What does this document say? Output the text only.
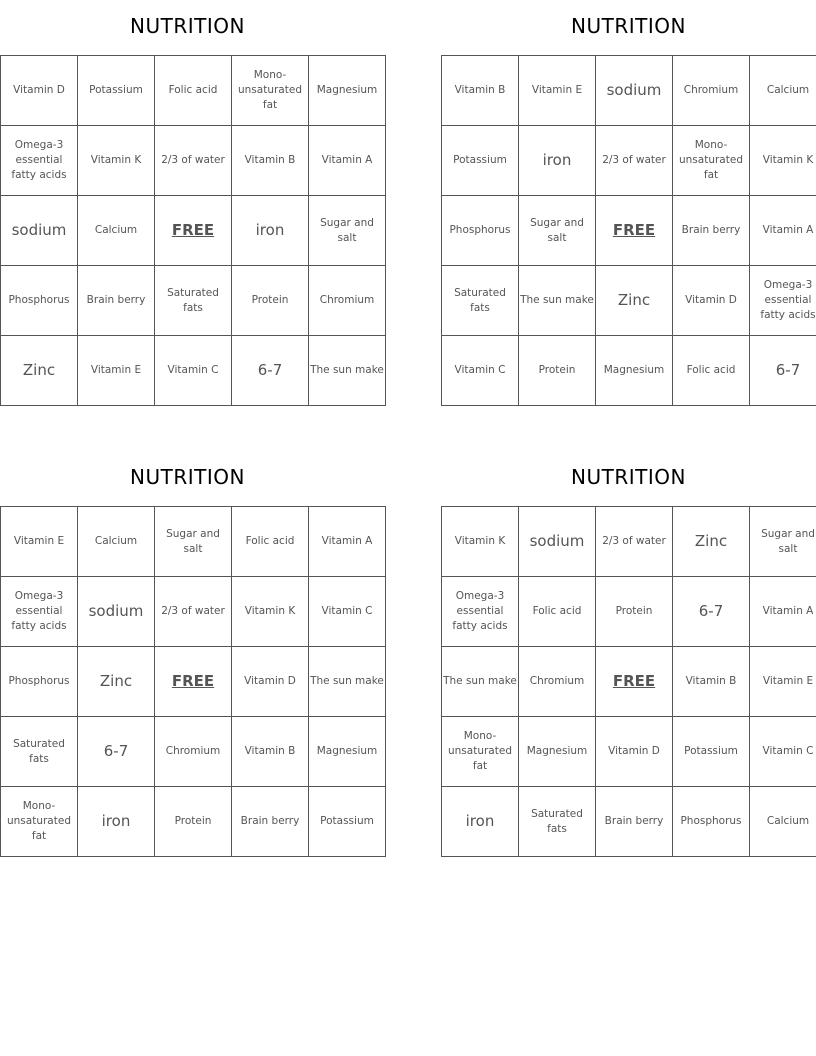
NUTRITION
Vitamin D	Potassium	Folic acid	Mono-unsaturated fat	Magnesium
Omega-3 essential fatty acids	Vitamin K	2/3 of water	Vitamin B	Vitamin A
sodium	Calcium	FREE	iron	Sugar and salt
Phosphorus	Brain berry	Saturated fats	Protein	Chromium
Zinc	Vitamin E	Vitamin C	6-7	The sun make
NUTRITION
Vitamin B	Vitamin E	sodium	Chromium	Calcium
Potassium	iron	2/3 of water	Mono-unsaturated fat	Vitamin K
Phosphorus	Sugar and salt	FREE	Brain berry	Vitamin A
Saturated fats	The sun make	Zinc	Vitamin D	Omega-3 essential fatty acids
Vitamin C	Protein	Magnesium	Folic acid	6-7
NUTRITION
Vitamin E	Calcium	Sugar and salt	Folic acid	Vitamin A
Omega-3 essential fatty acids	sodium	2/3 of water	Vitamin K	Vitamin C
Phosphorus	Zinc	FREE	Vitamin D	The sun make
Saturated fats	6-7	Chromium	Vitamin B	Magnesium
Mono-unsaturated fat	iron	Protein	Brain berry	Potassium
NUTRITION
Vitamin K	sodium	2/3 of water	Zinc	Sugar and salt
Omega-3 essential fatty acids	Folic acid	Protein	6-7	Vitamin A
The sun make	Chromium	FREE	Vitamin B	Vitamin E
Mono-unsaturated fat	Magnesium	Vitamin D	Potassium	Vitamin C
iron	Saturated fats	Brain berry	Phosphorus	Calcium
